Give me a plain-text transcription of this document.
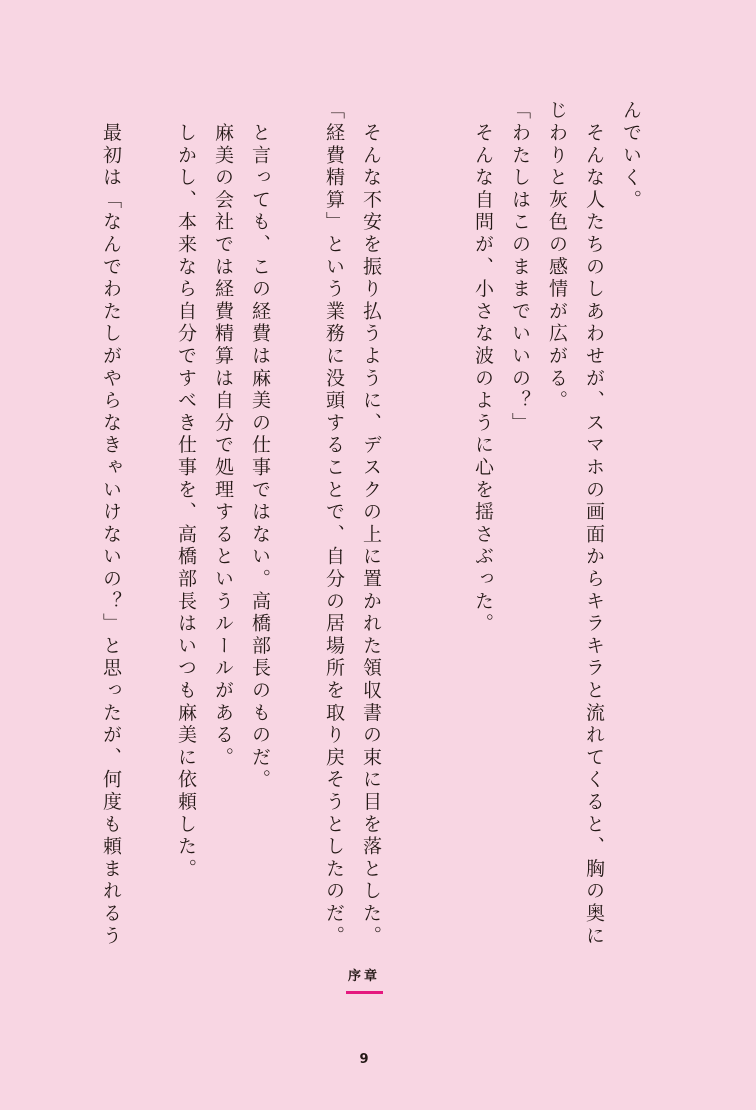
んでいく。
　そんな人たちのしあわせが、スマホの画面からキラキラと流れてくると、胸の奥に
じわりと灰色の感情が広がる。
「わたしはこのままでいいの？」
　そんな自問が、小さな波のように心を揺さぶった。
　そんな不安を振り払うように、デスクの上に置かれた領収書の束に目を落とした。
「経費精算」という業務に没頭することで、自分の居場所を取り戻そうとしたのだ。
　と言っても、この経費は麻美の仕事ではない。高橋部長のものだ。
　麻美の会社では経費精算は自分で処理するというルールがある。
　しかし、本来なら自分ですべき仕事を、高橋部長はいつも麻美に依頼した。
　最初は「なんでわたしがやらなきゃいけないの？」と思ったが、何度も頼まれるう
序章
9
